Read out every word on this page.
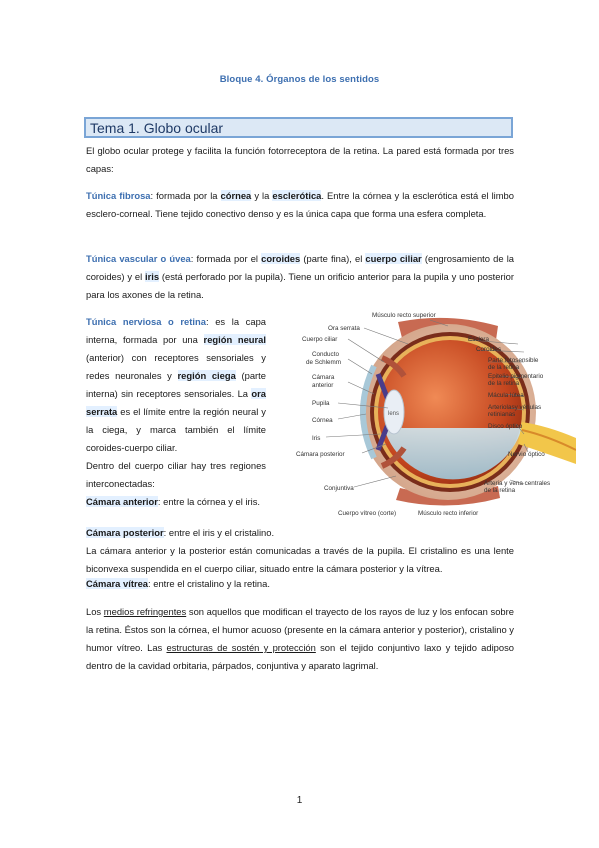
Bloque 4. Órganos de los sentidos
Tema 1. Globo ocular

El globo ocular protege y facilita la función fotorreceptora de la retina. La pared está formada por tres capas:

Túnica fibrosa: formada por la córnea y la esclerótica. Entre la córnea y la esclerótica está el limbo esclero-corneal. Tiene tejido conectivo denso y es la única capa que forma una esfera completa.

Túnica vascular o úvea: formada por el coroides (parte fina), el cuerpo ciliar (engrosamiento de la coroides) y el iris (está perforado por la pupila). Tiene un orificio anterior para la pupila y uno posterior para los axones de la retina.

Túnica nerviosa o retina: es la capa interna, formada por una región neural (anterior) con receptores sensoriales y redes neuronales y región ciega (parte interna) sin receptores sensoriales. La ora serrata es el límite entre la región neural y la ciega, y marca también el límite coroides-cuerpo ciliar.

Dentro del cuerpo ciliar hay tres regiones interconectadas:

Cámara anterior: entre la córnea y el iris.

Cámara posterior: entre el iris y el cristalino.

La cámara anterior y la posterior están comunicadas a través de la pupila. El cristalino es una lente biconvexa suspendida en el cuerpo ciliar, situado entre la cámara posterior y la vítrea.

Cámara vítrea: entre el cristalino y la retina.

Los medios refringentes son aquellos que modifican el trayecto de los rayos de luz y los enfocan sobre la retina. Éstos son la córnea, el humor acuoso (presente en la cámara anterior y posterior), cristalino y humor vítreo. Las estructuras de sostén y protección son el tejido conjuntivo laxo y tejido adiposo dentro de la cavidad orbitaria, párpados, conjuntiva y aparato lagrimal.

lens
Ora serrata
Cuerpo ciliar
Conducto
de Schlemm
Cámara
anterior
Pupila
Córnea
Iris
Cámara posterior
Conjuntiva
Músculo recto superior
Esclera
Coroides
Parte fotosensible
de la retina
Epitelio pigmentario
de la retina
Mácula lútea
Arteriolasy vénulas
retinianas
Disco óptico
Nervio óptico
Arteria y vena centrales
de la retina
Cuerpo vítreo (corte)	Músculo recto inferior
1
